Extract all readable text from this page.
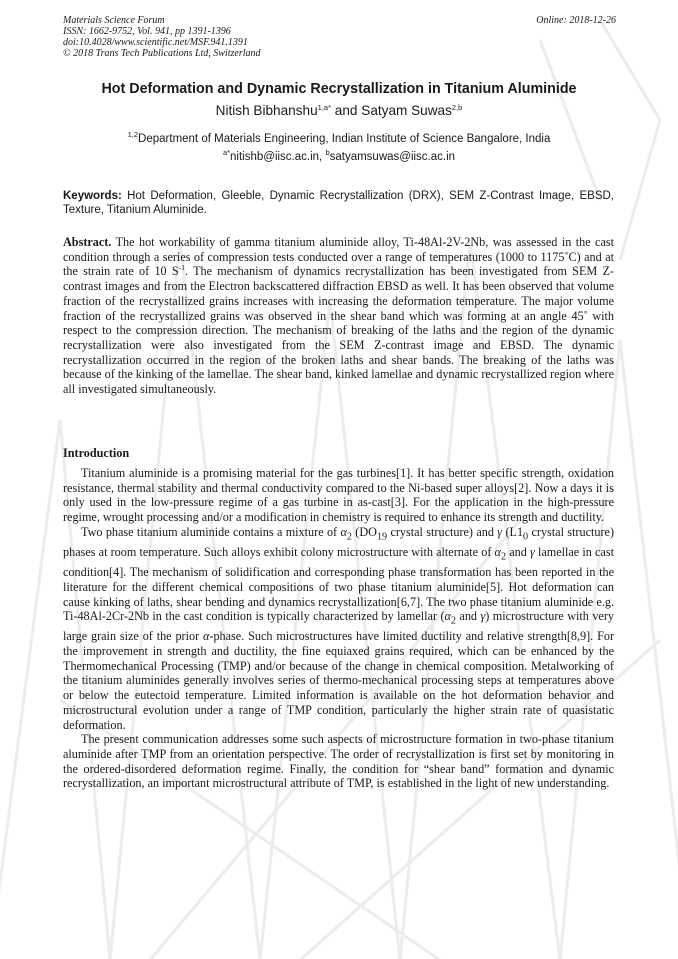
Materials Science Forum
ISSN: 1662-9752, Vol. 941, pp 1391-1396
doi:10.4028/www.scientific.net/MSF.941.1391
© 2018 Trans Tech Publications Ltd, Switzerland
Online: 2018-12-26
Hot Deformation and Dynamic Recrystallization in Titanium Aluminide
Nitish Bibhanshu$^{1,a*}$ and Satyam Suwas$^{2,b}$
$^{1,2}$Department of Materials Engineering, Indian Institute of Science Bangalore, India
$^{a*}$nitishb@iisc.ac.in, $^b$satyamsuwas@iisc.ac.in
Keywords: Hot Deformation, Gleeble, Dynamic Recrystallization (DRX), SEM Z-Contrast Image, EBSD, Texture, Titanium Aluminide.
Abstract. The hot workability of gamma titanium aluminide alloy, Ti-48Al-2V-2Nb, was assessed in the cast condition through a series of compression tests conducted over a range of temperatures (1000 to 1175˚C) and at the strain rate of 10 $S^{-1}$. The mechanism of dynamics recrystallization has been investigated from SEM Z-contrast images and from the Electron backscattered diffraction EBSD as well. It has been observed that volume fraction of the recrystallized grains increases with increasing the deformation temperature. The major volume fraction of the recrystallized grains was observed in the shear band which was forming at an angle 45˚ with respect to the compression direction. The mechanism of breaking of the laths and the region of the dynamic recrystallization were also investigated from the SEM Z-contrast image and EBSD. The dynamic recrystallization occurred in the region of the broken laths and shear bands. The breaking of the laths was because of the kinking of the lamellae. The shear band, kinked lamellae and dynamic recrystallized region where all investigated simultaneously.
Introduction

Titanium aluminide is a promising material for the gas turbines[1]. It has better specific strength, oxidation resistance, thermal stability and thermal conductivity compared to the Ni-based super alloys[2]. Now a days it is only used in the low-pressure regime of a gas turbine in as-cast[3]. For the application in the high-pressure regime, wrought processing and/or a modification in chemistry is required to enhance its strength and ductility.

Two phase titanium aluminide contains a mixture of $\alpha_2$ ($DO_{19}$ crystal structure) and γ ($L1_0$ crystal structure) phases at room temperature. Such alloys exhibit colony microstructure with alternate of $\alpha_2$ and γ lamellae in cast condition[4]. The mechanism of solidification and corresponding phase transformation has been reported in the literature for the different chemical compositions of two phase titanium aluminide[5]. Hot deformation can cause kinking of laths, shear bending and dynamics recrystallization[6,7]. The two phase titanium aluminide e.g. Ti-48Al-2Cr-2Nb in the cast condition is typically characterized by lamellar ($\alpha_2$ and γ) microstructure with very large grain size of the prior α-phase. Such microstructures have limited ductility and relative strength[8,9]. For the improvement in strength and ductility, the fine equiaxed grains required, which can be enhanced by the Thermomechanical Processing (TMP) and/or because of the change in chemical composition. Metalworking of the titanium aluminides generally involves series of thermo-mechanical processing steps at temperatures above or below the eutectoid temperature. Limited information is available on the hot deformation behavior and microstructural evolution under a range of TMP condition, particularly the higher strain rate of quasistatic deformation.

The present communication addresses some such aspects of microstructure formation in two-phase titanium aluminide after TMP from an orientation perspective. The order of recrystallization is first set by monitoring in the ordered-disordered deformation regime. Finally, the condition for “shear band” formation and dynamic recrystallization, an important microstructural attribute of TMP, is established in the light of new understanding.
